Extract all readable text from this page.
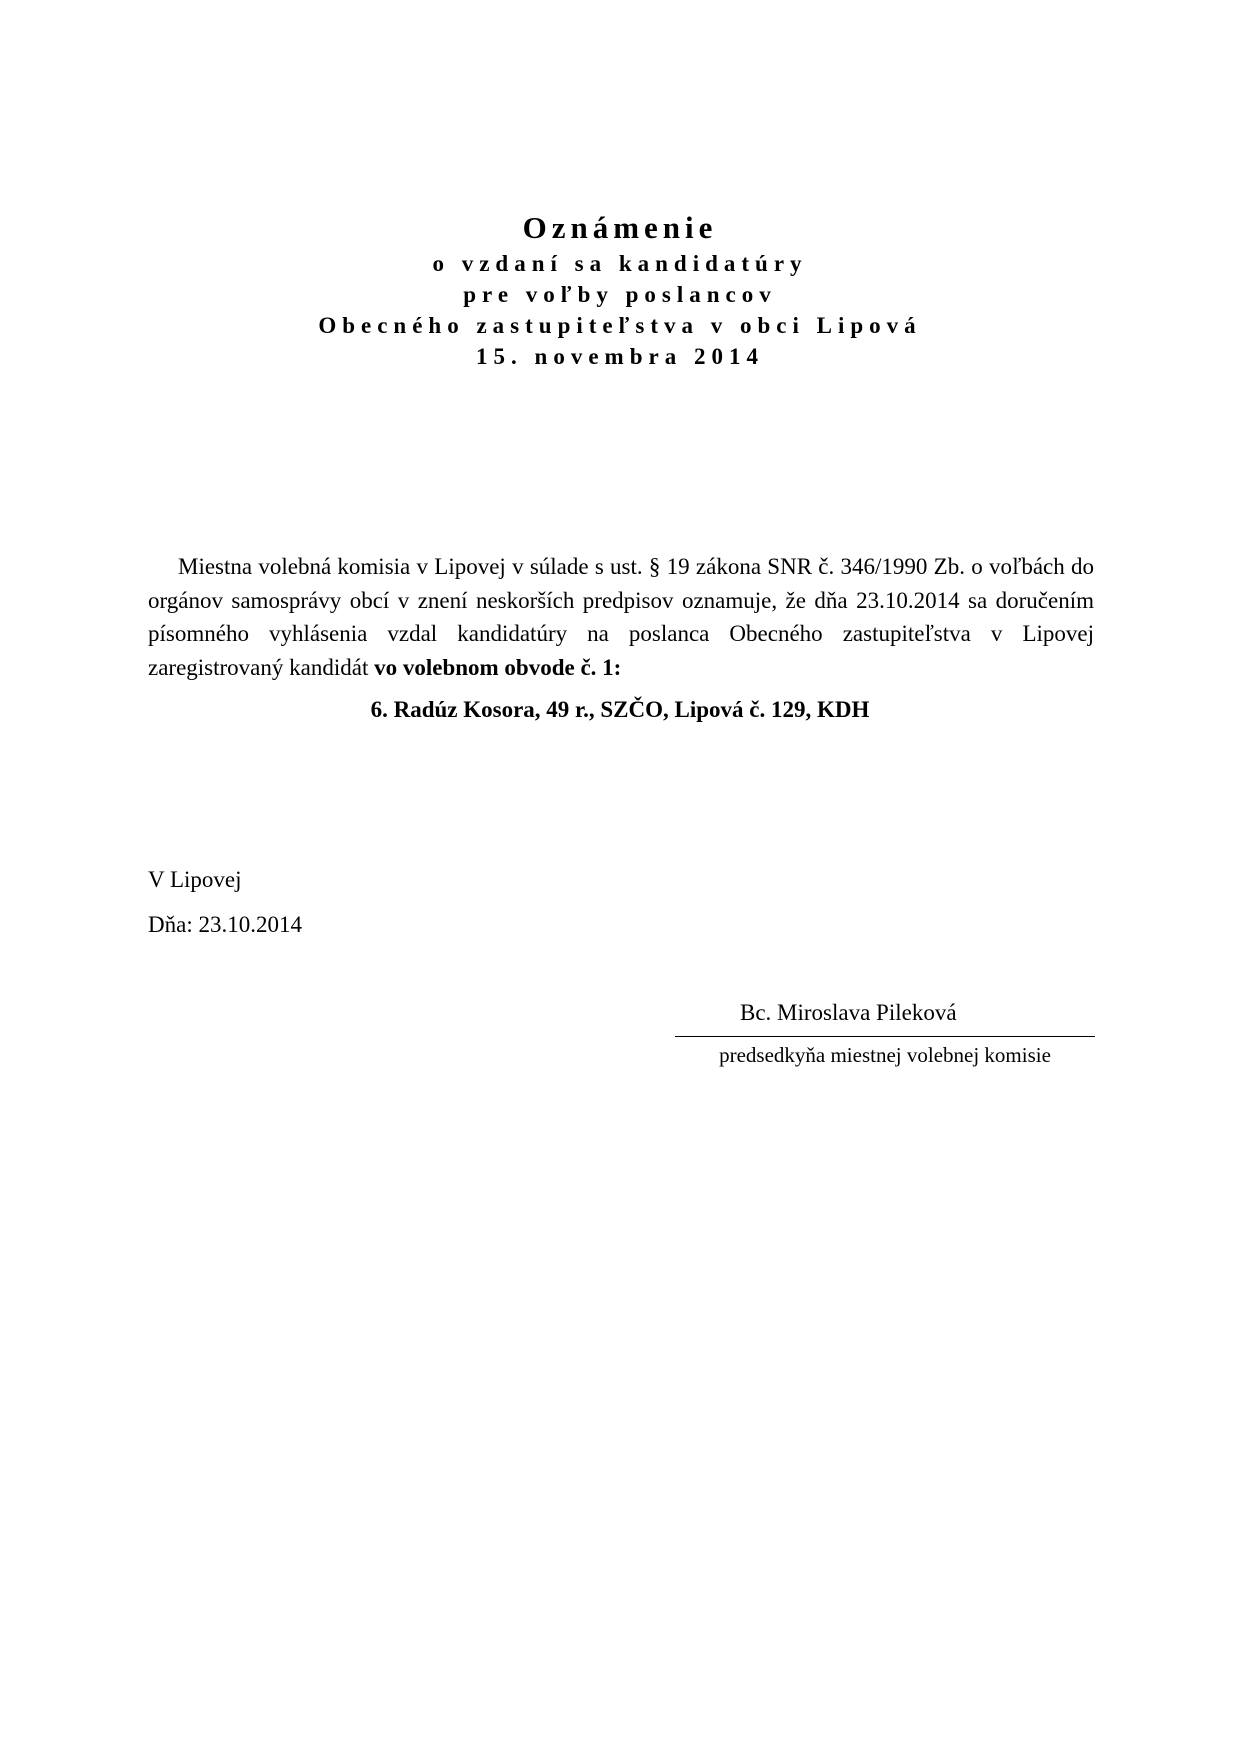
Oznámenie

o vzdaní sa kandidatúry

pre voľby poslancov

Obecného zastupiteľstva v obci Lipová

15. novembra 2014

Miestna volebná komisia v Lipovej v súlade s ust. § 19 zákona SNR č. 346/1990 Zb. o voľbách do orgánov samosprávy obcí v znení neskorších predpisov oznamuje, že dňa 23.10.2014 sa doručením písomného vyhlásenia vzdal kandidatúry na poslanca Obecného zastupiteľstva v Lipovej zaregistrovaný kandidát vo volebnom obvode č. 1:

6. Radúz Kosora, 49 r., SZČO, Lipová č. 129, KDH

V Lipovej

Dňa: 23.10.2014

Bc. Miroslava Pileková

predsedkyňa miestnej volebnej komisie
